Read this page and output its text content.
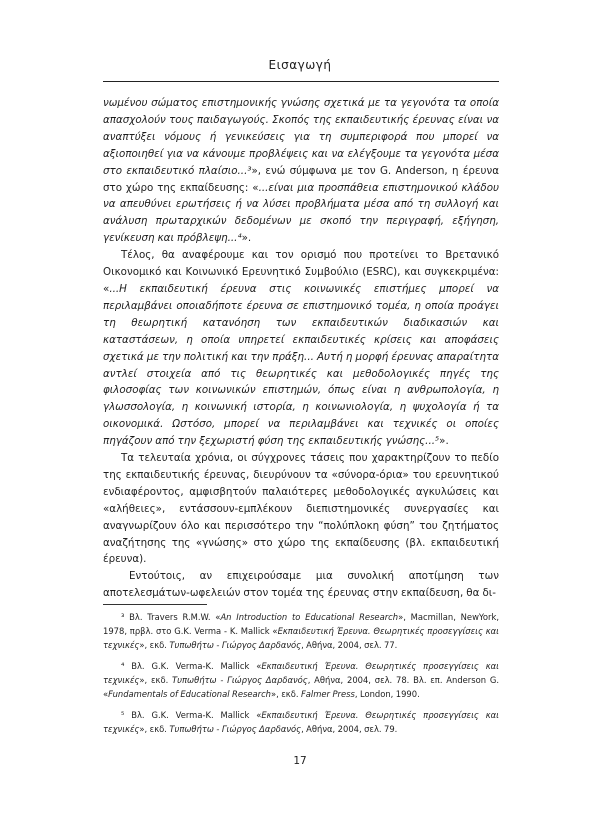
Εισαγωγή

νωμένου σώματος επιστημονικής γνώσης σχετικά με τα γεγονότα τα οποία απασχολούν τους παιδαγωγούς. Σκοπός της εκπαιδευτικής έρευνας είναι να αναπτύξει νόμους ή γενικεύσεις για τη συμπεριφορά που μπορεί να αξιοποιηθεί για να κάνουμε προβλέψεις και να ελέγξουμε τα γεγονότα μέσα στο εκπαιδευτικό πλαίσιο...³», ενώ σύμφωνα με τον G. Anderson, η έρευνα στο χώρο της εκπαίδευσης: «...είναι μια προσπάθεια επιστημονικού κλάδου να απευθύνει ερωτήσεις ή να λύσει προβλήματα μέσα από τη συλλογή και ανάλυση πρωταρχικών δεδομένων με σκοπό την περιγραφή, εξήγηση, γενίκευση και πρόβλεψη...⁴».

Τέλος, θα αναφέρουμε και τον ορισμό που προτείνει το Βρετανικό Οικονομικό και Κοινωνικό Ερευνητικό Συμβούλιο (ESRC), και συγκεκριμένα: «...Η εκπαιδευτική έρευνα στις κοινωνικές επιστήμες μπορεί να περιλαμβάνει οποιαδήποτε έρευνα σε επιστημονικό τομέα, η οποία προάγει τη θεωρητική κατανόηση των εκπαιδευτικών διαδικασιών και καταστάσεων, η οποία υπηρετεί εκπαιδευτικές κρίσεις και αποφάσεις σχετικά με την πολιτική και την πράξη... Αυτή η μορφή έρευνας απαραίτητα αντλεί στοιχεία από τις θεωρητικές και μεθοδολογικές πηγές της φιλοσοφίας των κοινωνικών επιστημών, όπως είναι η ανθρωπολογία, η γλωσσολογία, η κοινωνική ιστορία, η κοινωνιολογία, η ψυχολογία ή τα οικονομικά. Ωστόσο, μπορεί να περιλαμβάνει και τεχνικές οι οποίες πηγάζουν από την ξεχωριστή φύση της εκπαιδευτικής γνώσης...⁵».

Τα τελευταία χρόνια, οι σύγχρονες τάσεις που χαρακτηρίζουν το πεδίο της εκπαιδευτικής έρευνας, διευρύνουν τα «σύνορα-όρια» του ερευνητικού ενδιαφέροντος, αμφισβητούν παλαιότερες μεθοδολογικές αγκυλώσεις και «αλήθειες», εντάσσουν-εμπλέκουν διεπιστημονικές συνεργασίες και αναγνωρίζουν όλο και περισσότερο την “πολύπλοκη φύση” του ζητήματος αναζήτησης της «γνώσης» στο χώρο της εκπαίδευσης (βλ. εκπαιδευτική έρευνα).

Εντούτοις, αν επιχειρούσαμε μια συνολική αποτίμηση των αποτελεσμάτων-ωφελειών στον τομέα της έρευνας στην εκπαίδευση, θα δι-

³ Βλ. Travers R.M.W. «An Introduction to Educational Research», Macmillan, NewYork, 1978, πρβλ. στο G.K. Verma - K. Mallick «Εκπαιδευτική Έρευνα. Θεωρητικές προσεγγίσεις και τεχνικές», εκδ. Τυπωθήτω - Γιώργος Δαρδανός, Αθήνα, 2004, σελ. 77.

⁴ Βλ. G.K. Verma-K. Mallick «Εκπαιδευτική Έρευνα. Θεωρητικές προσεγγίσεις και τεχνικές», εκδ. Τυπωθήτω - Γιώργος Δαρδανός, Αθήνα, 2004, σελ. 78. Βλ. επ. Anderson G. «Fundamentals of Educational Research», εκδ. Falmer Press, London, 1990.

⁵ Βλ. G.K. Verma-K. Mallick «Εκπαιδευτική Έρευνα. Θεωρητικές προσεγγίσεις και τεχνικές», εκδ. Τυπωθήτω - Γιώργος Δαρδανός, Αθήνα, 2004, σελ. 79.

17
